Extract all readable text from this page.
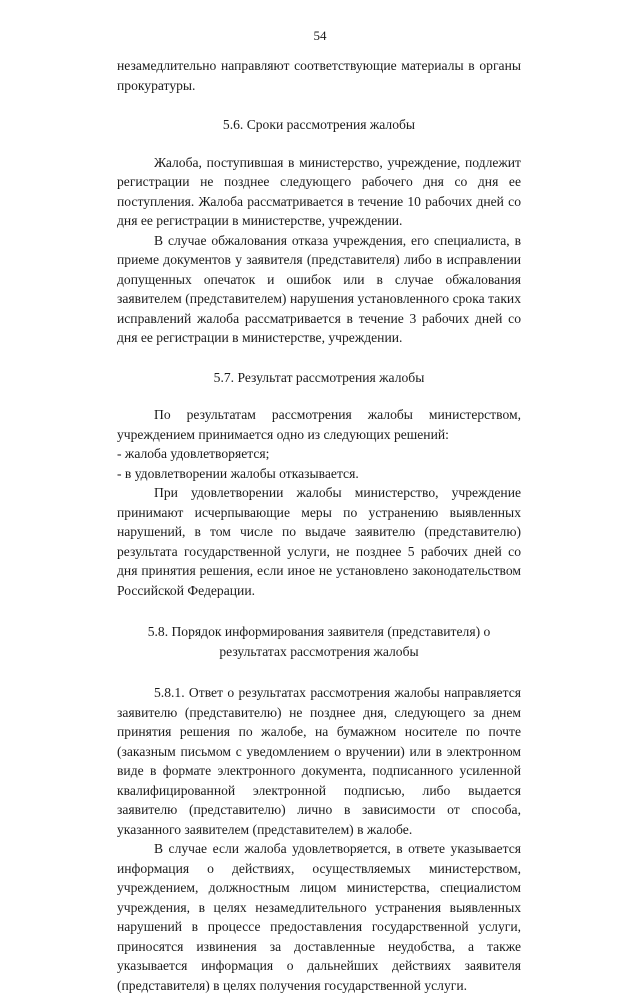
54

незамедлительно направляют соответствующие материалы в органы прокуратуры.

5.6. Сроки рассмотрения жалобы

Жалоба, поступившая в министерство, учреждение, подлежит регистрации не позднее следующего рабочего дня со дня ее поступления. Жалоба рассматривается в течение 10 рабочих дней со дня ее регистрации в министерстве, учреждении.

В случае обжалования отказа учреждения, его специалиста, в приеме документов у заявителя (представителя) либо в исправлении допущенных опечаток и ошибок или в случае обжалования заявителем (представителем) нарушения установленного срока таких исправлений жалоба рассматривается в течение 3 рабочих дней со дня ее регистрации в министерстве, учреждении.

5.7. Результат рассмотрения жалобы

По результатам рассмотрения жалобы министерством, учреждением принимается одно из следующих решений:

- жалоба удовлетворяется;

- в удовлетворении жалобы отказывается.

При удовлетворении жалобы министерство, учреждение принимают исчерпывающие меры по устранению выявленных нарушений, в том числе по выдаче заявителю (представителю) результата государственной услуги, не позднее 5 рабочих дней со дня принятия решения, если иное не установлено законодательством Российской Федерации.

5.8. Порядок информирования заявителя (представителя) о результатах рассмотрения жалобы

5.8.1. Ответ о результатах рассмотрения жалобы направляется заявителю (представителю) не позднее дня, следующего за днем принятия решения по жалобе, на бумажном носителе по почте (заказным письмом с уведомлением о вручении) или в электронном виде в формате электронного документа, подписанного усиленной квалифицированной электронной подписью, либо выдается заявителю (представителю) лично в зависимости от способа, указанного заявителем (представителем) в жалобе.

В случае если жалоба удовлетворяется, в ответе указывается информация о действиях, осуществляемых министерством, учреждением, должностным лицом министерства, специалистом учреждения, в целях незамедлительного устранения выявленных нарушений в процессе предоставления государственной услуги, приносятся извинения за доставленные неудобства, а также указывается информация о дальнейших действиях заявителя (представителя) в целях получения государственной услуги.
